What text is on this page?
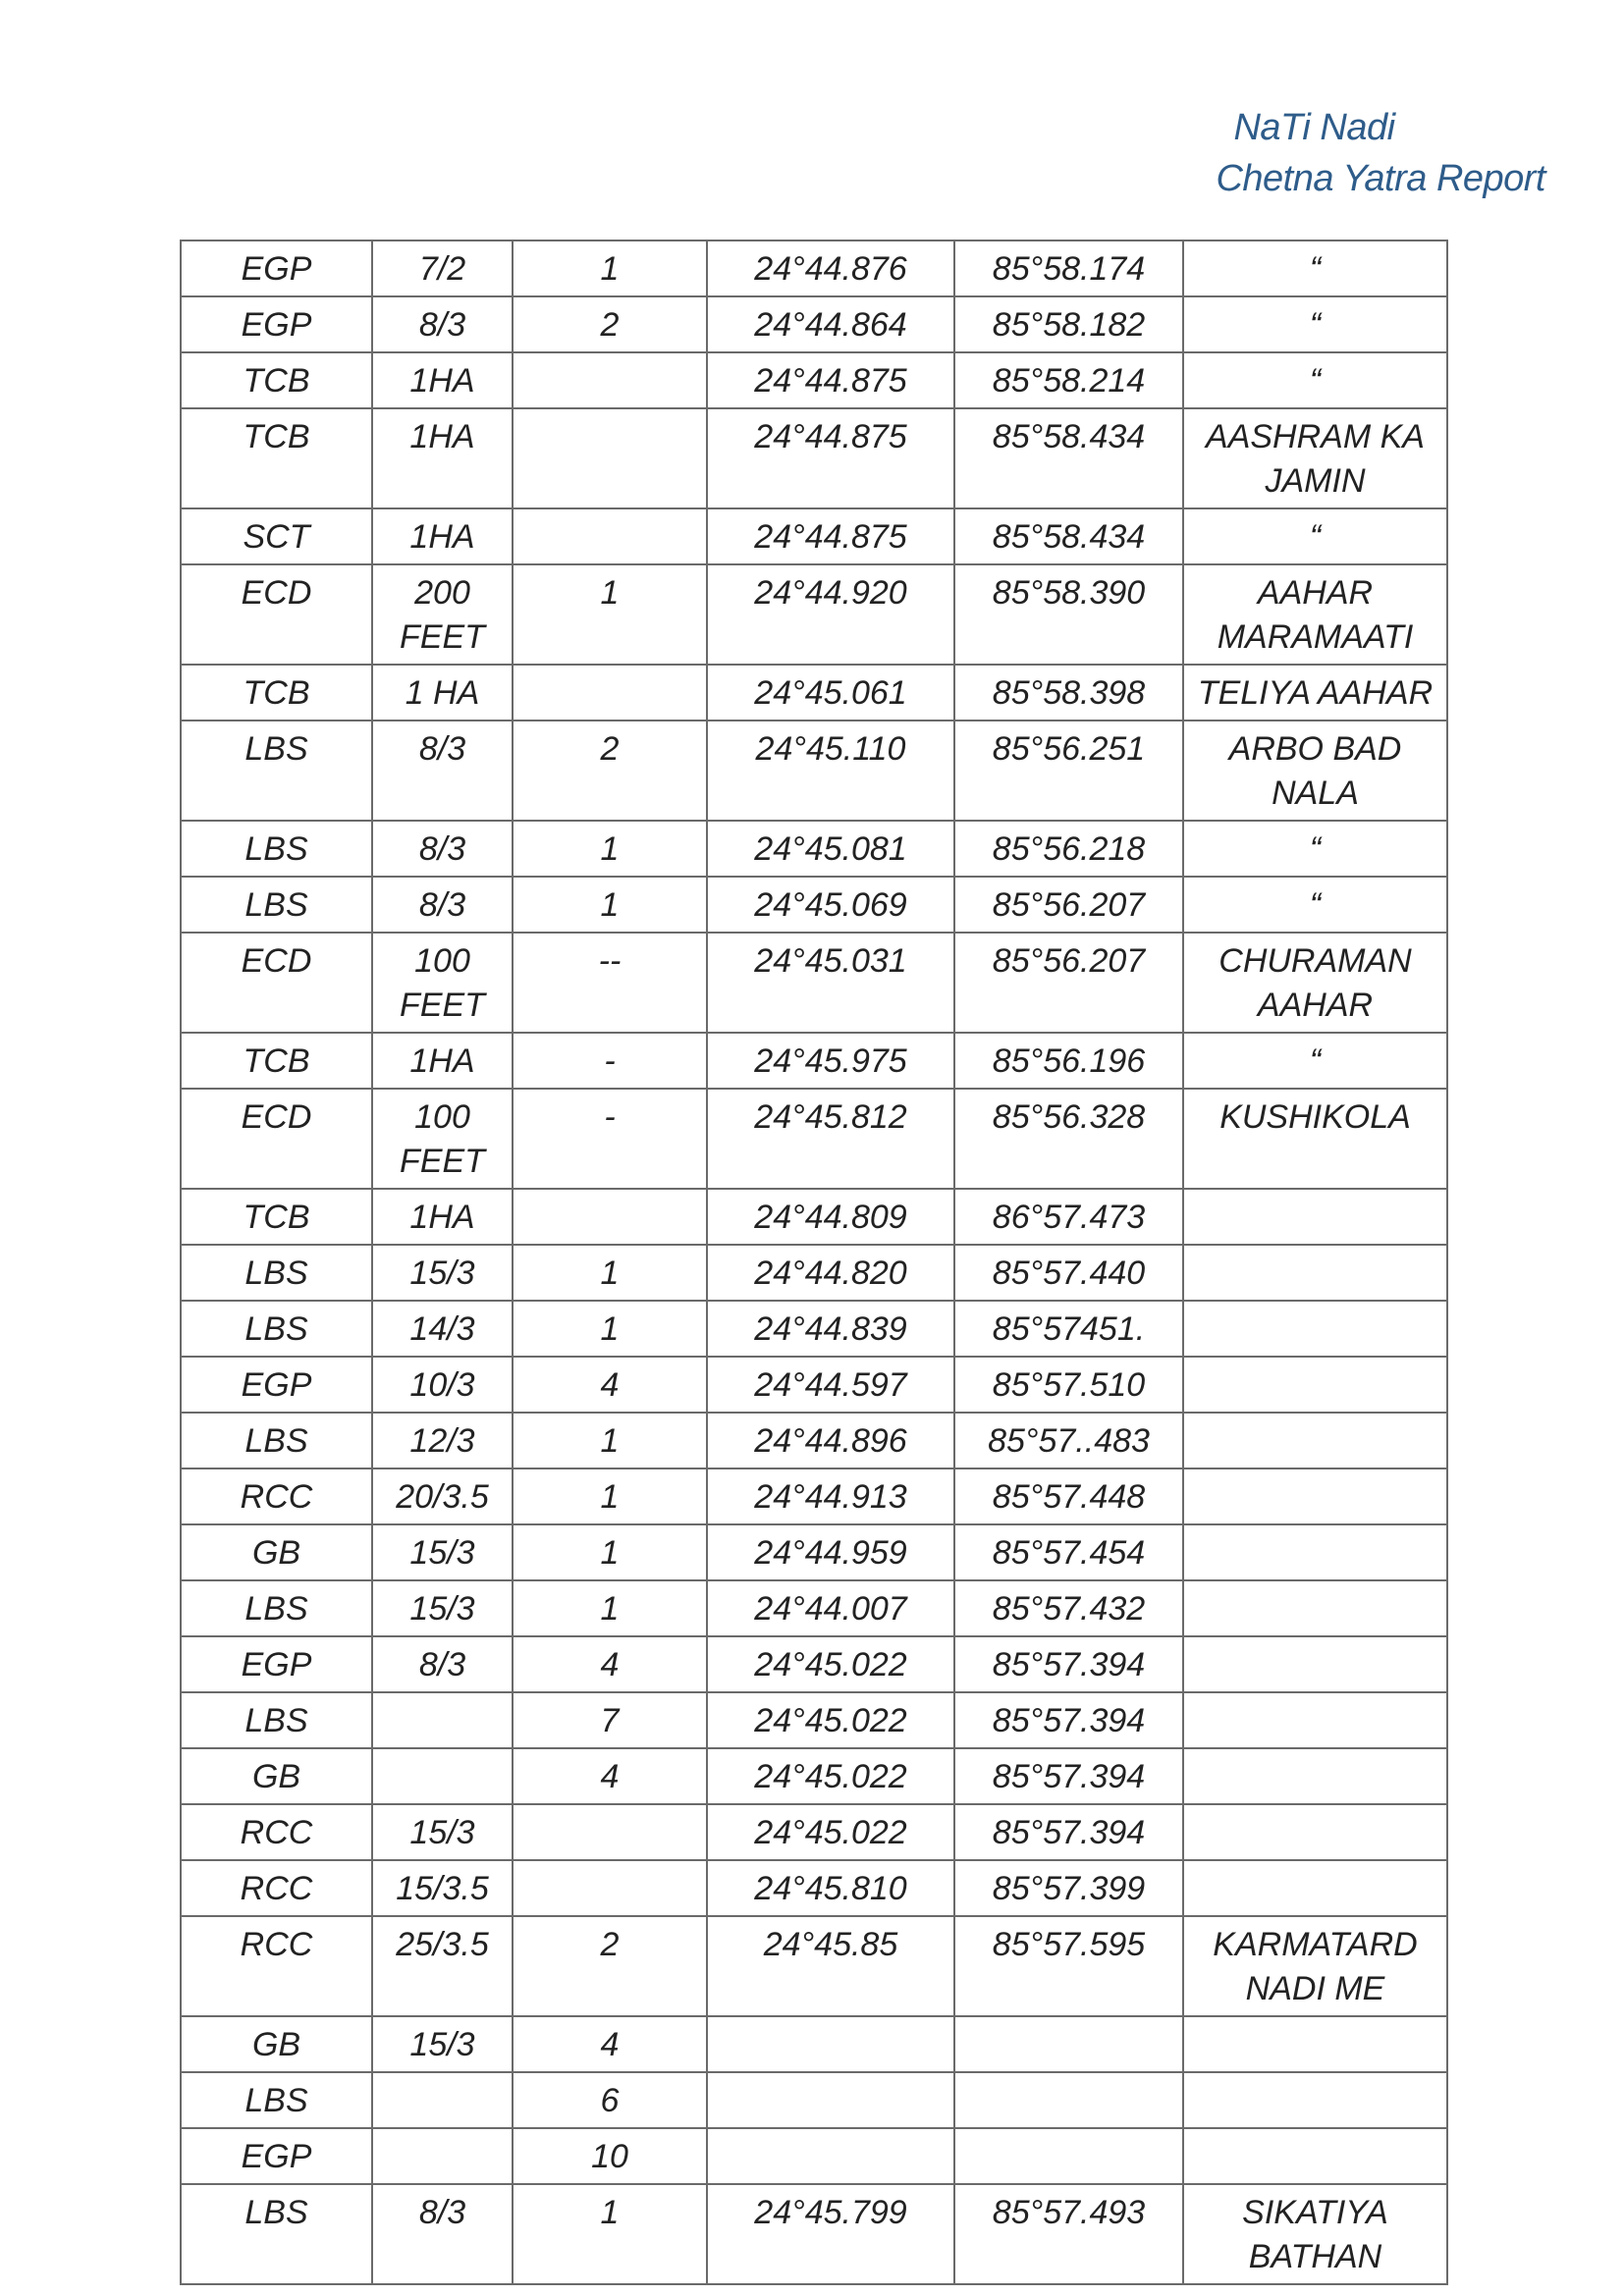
NaTi Nadi
Chetna Yatra Report
EGP	7/2	1	24°44.876	85°58.174	“
EGP	8/3	2	24°44.864	85°58.182	“
TCB	1HA		24°44.875	85°58.214	“
TCB	1HA		24°44.875	85°58.434	AASHRAM KA JAMIN
SCT	1HA		24°44.875	85°58.434	“
ECD	200 FEET	1	24°44.920	85°58.390	AAHAR MARAMAATI
TCB	1 HA		24°45.061	85°58.398	TELIYA AAHAR
LBS	8/3	2	24°45.110	85°56.251	ARBO BAD NALA
LBS	8/3	1	24°45.081	85°56.218	“
LBS	8/3	1	24°45.069	85°56.207	“
ECD	100 FEET	--	24°45.031	85°56.207	CHURAMAN AAHAR
TCB	1HA	-	24°45.975	85°56.196	“
ECD	100 FEET	-	24°45.812	85°56.328	KUSHIKOLA
TCB	1HA		24°44.809	86°57.473	
LBS	15/3	1	24°44.820	85°57.440	
LBS	14/3	1	24°44.839	85°57451.	
EGP	10/3	4	24°44.597	85°57.510	
LBS	12/3	1	24°44.896	85°57..483	
RCC	20/3.5	1	24°44.913	85°57.448	
GB	15/3	1	24°44.959	85°57.454	
LBS	15/3	1	24°44.007	85°57.432	
EGP	8/3	4	24°45.022	85°57.394	
LBS		7	24°45.022	85°57.394	
GB		4	24°45.022	85°57.394	
RCC	15/3		24°45.022	85°57.394	
RCC	15/3.5		24°45.810	85°57.399	
RCC	25/3.5	2	24°45.85	85°57.595	KARMATARD NADI ME
GB	15/3	4			
LBS		6			
EGP		10			
LBS	8/3	1	24°45.799	85°57.493	SIKATIYA BATHAN
